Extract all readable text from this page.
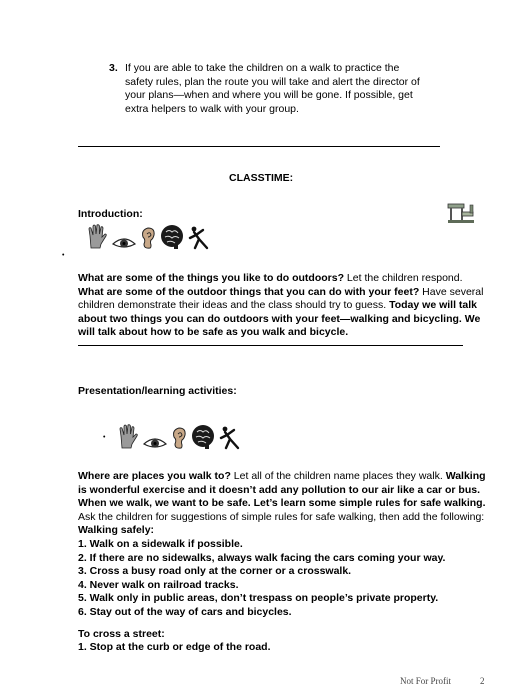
3. If you are able to take the children on a walk to practice the safety rules, plan the route you will take and alert the director of your plans—when and where you will be gone. If possible, get extra helpers to walk with your group.
CLASSTIME:
Introduction:
•
What are some of the things you like to do outdoors? Let the children respond. What are some of the outdoor things that you can do with your feet? Have several children demonstrate their ideas and the class should try to guess. Today we will talk about two things you can do outdoors with your feet—walking and bicycling. We will talk about how to be safe as you walk and bicycle.
Presentation/learning activities:
•
Where are places you walk to? Let all of the children name places they walk. Walking is wonderful exercise and it doesn’t add any pollution to our air like a car or bus. When we walk, we want to be safe. Let’s learn some simple rules for safe walking. Ask the children for suggestions of simple rules for safe walking, then add the following:
Walking safely:
1. Walk on a sidewalk if possible.
2. If there are no sidewalks, always walk facing the cars coming your way.
3. Cross a busy road only at the corner or a crosswalk.
4. Never walk on railroad tracks.
5. Walk only in public areas, don’t trespass on people’s private property.
6. Stay out of the way of cars and bicycles.
To cross a street:
1. Stop at the curb or edge of the road.
Not For Profit	2
